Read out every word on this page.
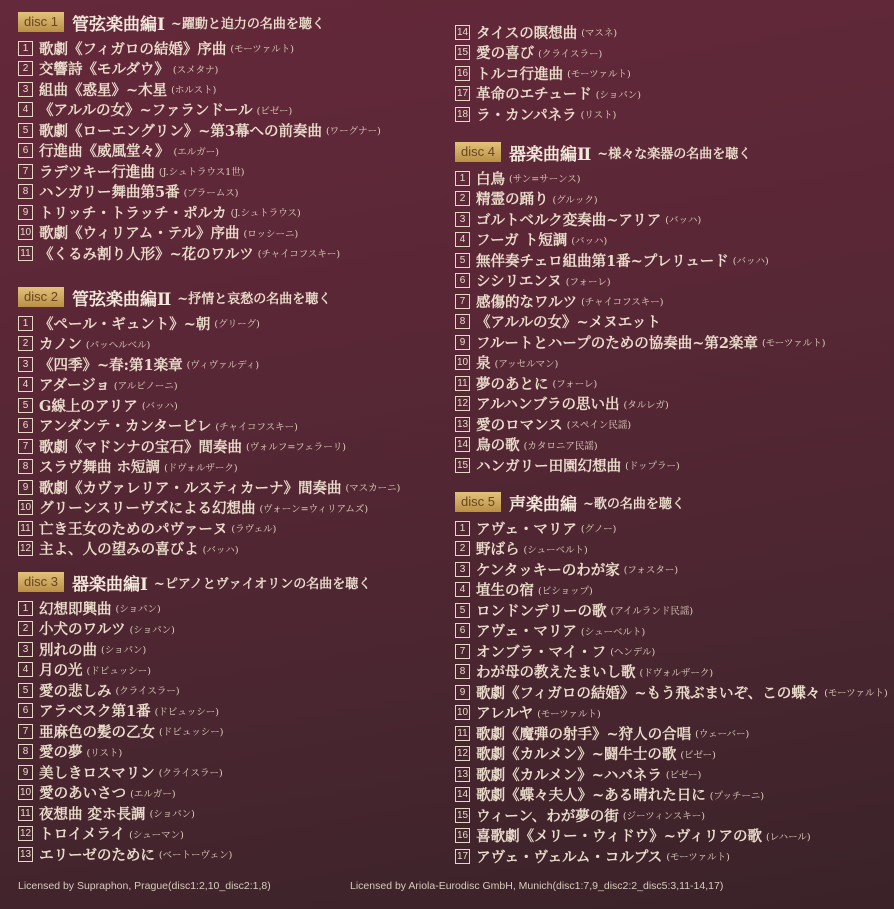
disc 1 管弦楽曲編Ⅰ ~躍動と迫力の名曲を聴く
1 歌劇《フィガロの結婚》序曲 (モーツァルト)
2 交響詩《モルダウ》 (スメタナ)
3 組曲《惑星》~木星 (ホルスト)
4 《アルルの女》~ファランドール (ビゼー)
5 歌劇《ローエングリン》~第3幕への前奏曲 (ワーグナー)
6 行進曲《威風堂々》 (エルガー)
7 ラデツキー行進曲 (J.シュトラウス1世)
8 ハンガリー舞曲第5番 (ブラームス)
9 トリッチ・トラッチ・ポルカ (J.シュトラウス)
10 歌劇《ウィリアム・テル》序曲 (ロッシーニ)
11 《くるみ割り人形》~花のワルツ (チャイコフスキー)
disc 2 管弦楽曲編Ⅱ ~抒情と哀愁の名曲を聴く
1 《ペール・ギュント》~朝 (グリーグ)
2 カノン (パッヘルベル)
3 《四季》~春:第1楽章 (ヴィヴァルディ)
4 アダージョ (アルビノーニ)
5 G線上のアリア (バッハ)
6 アンダンテ・カンタービレ (チャイコフスキー)
7 歌劇《マドンナの宝石》間奏曲 (ヴォルフ=フェラーリ)
8 スラヴ舞曲 ホ短調 (ドヴォルザーク)
9 歌劇《カヴァレリア・ルスティカーナ》間奏曲 (マスカーニ)
10 グリーンスリーヴズによる幻想曲 (ヴォーン=ウィリアムズ)
11 亡き王女のためのパヴァーヌ (ラヴェル)
12 主よ、人の望みの喜びよ (バッハ)
disc 3 器楽曲編Ⅰ ~ピアノとヴァイオリンの名曲を聴く
1 幻想即興曲 (ショパン)
2 小犬のワルツ (ショパン)
3 別れの曲 (ショパン)
4 月の光 (ドビュッシー)
5 愛の悲しみ (クライスラー)
6 アラベスク第1番 (ドビュッシー)
7 亜麻色の髪の乙女 (ドビュッシー)
8 愛の夢 (リスト)
9 美しきロスマリン (クライスラー)
10 愛のあいさつ (エルガー)
11 夜想曲 変ホ長調 (ショパン)
12 トロイメライ (シューマン)
13 エリーゼのために (ベートーヴェン)
14 タイスの瞑想曲 (マスネ)
15 愛の喜び (クライスラー)
16 トルコ行進曲 (モーツァルト)
17 革命のエチュード (ショパン)
18 ラ・カンパネラ (リスト)
disc 4 器楽曲編Ⅱ ~様々な楽器の名曲を聴く
1 白鳥 (サン=サーンス)
2 精霊の踊り (グルック)
3 ゴルトベルク変奏曲~アリア (バッハ)
4 フーガ ト短調 (バッハ)
5 無伴奏チェロ組曲第1番~プレリュード (バッハ)
6 シシリエンヌ (フォーレ)
7 感傷的なワルツ (チャイコフスキー)
8 《アルルの女》~メヌエット
9 フルートとハープのための協奏曲~第2楽章 (モーツァルト)
10 泉 (アッセルマン)
11 夢のあとに (フォーレ)
12 アルハンブラの思い出 (タルレガ)
13 愛のロマンス (スペイン民謡)
14 鳥の歌 (カタロニア民謡)
15 ハンガリー田園幻想曲 (ドップラー)
disc 5 声楽曲編 ~歌の名曲を聴く
1 アヴェ・マリア (グノー)
2 野ばら (シューベルト)
3 ケンタッキーのわが家 (フォスター)
4 埴生の宿 (ビショップ)
5 ロンドンデリーの歌 (アイルランド民謡)
6 アヴェ・マリア (シューベルト)
7 オンブラ・マイ・フ (ヘンデル)
8 わが母の教えたまいし歌 (ドヴォルザーク)
9 歌劇《フィガロの結婚》~もう飛ぶまいぞ、この蝶々 (モーツァルト)
10 アレルヤ (モーツァルト)
11 歌劇《魔弾の射手》~狩人の合唱 (ウェーバー)
12 歌劇《カルメン》~闘牛士の歌 (ビゼー)
13 歌劇《カルメン》~ハバネラ (ビゼー)
14 歌劇《蝶々夫人》~ある晴れた日に (プッチーニ)
15 ウィーン、わが夢の街 (ジーツィンスキー)
16 喜歌劇《メリー・ウィドウ》~ヴィリアの歌 (レハール)
17 アヴェ・ヴェルム・コルプス (モーツァルト)
Licensed by Supraphon, Prague(disc1:2,10_disc2:1,8)	Licensed by Ariola-Eurodisc GmbH, Munich(disc1:7,9_disc2:2_disc5:3,11-14,17)
